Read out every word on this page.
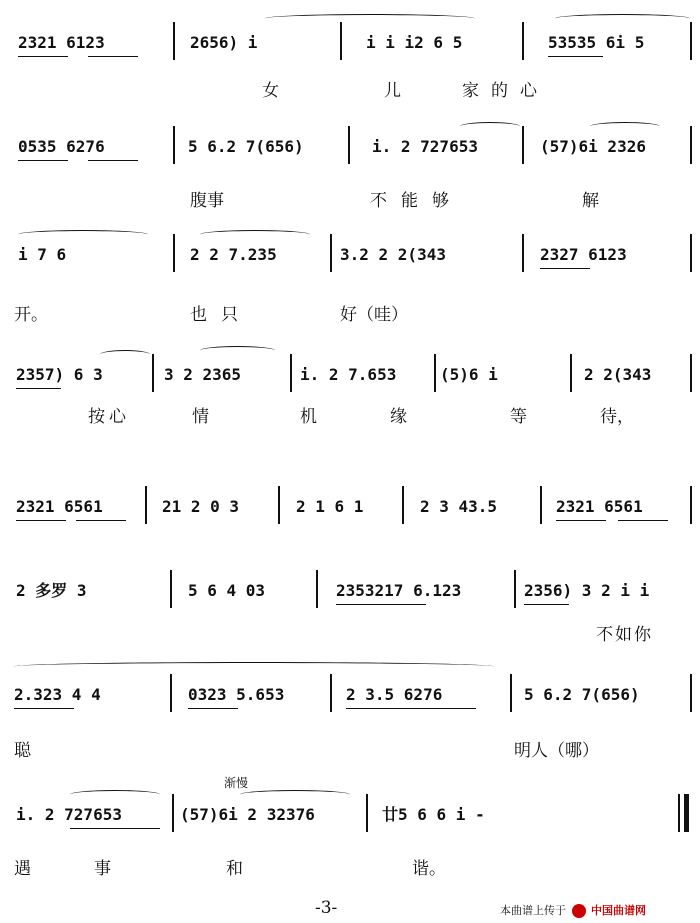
2321 6123	2656) i	i i i2 6 5	53535 6i 5
女	儿	家的心
0535 6276	5 6.2 7(656)	i. 2 727653	(57)6i 2326
腹事	不能够	解
i 7 6	2 2 7.235	3.2 2 2(343	2327 6123
开。	也只	好（哇）
2357) 6 3	3 2 2365	i. 2 7.653	(5)6 i	2 2(343
按心	情	机	缘	等	待，
2321 6561	21 2 0 3	2 1 6 1	2 3 43.5	2321 6561
2 多罗 3	5 6 4 03	2353217 6.123	2356) 3 2 i i
不如你
2.323 4 4	0323 5.653	2 3.5 6276	5 6.2 7(656)
聪	明人（哪）
渐慢
i. 2 727653	(57)6i 2 32376	廿5 6 6 i -
遇	事	和	谐。
-3-	本曲谱上传于 中国曲谱网
